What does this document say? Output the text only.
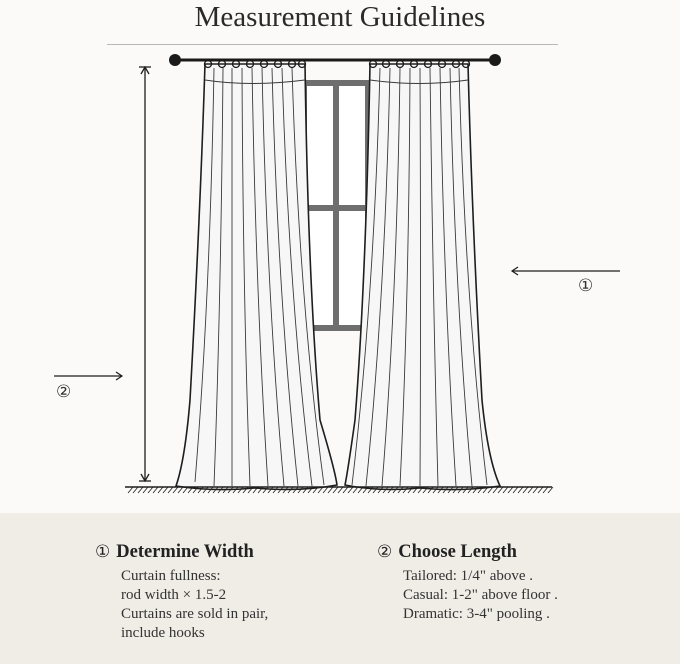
Measurement Guidelines
①
②
① Determine Width
Curtain fullness:
rod width × 1.5-2
Curtains are sold in pair,
include hooks
② Choose Length
Tailored: 1/4" above .
Casual: 1-2" above floor .
Dramatic: 3-4" pooling .
